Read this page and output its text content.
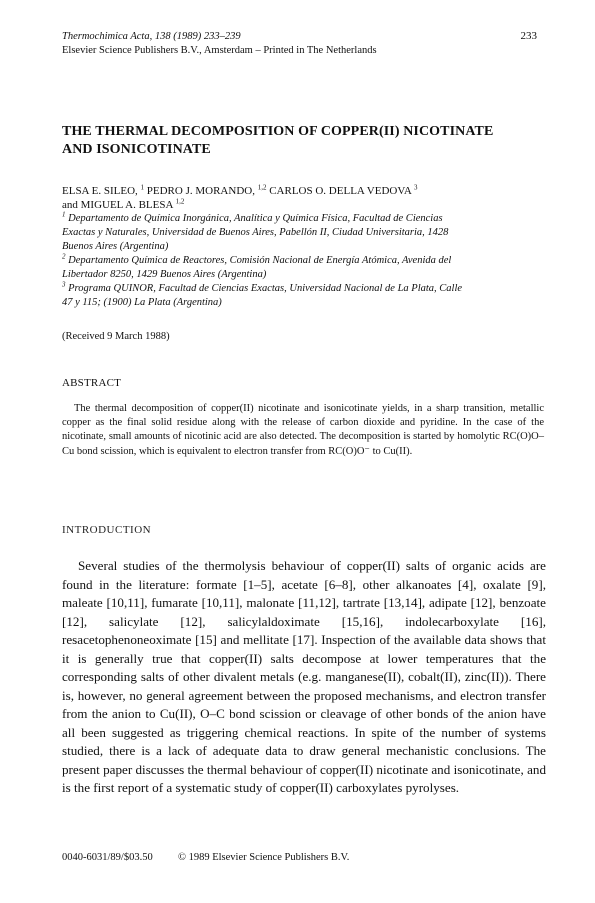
Thermochimica Acta, 138 (1989) 233–239
Elsevier Science Publishers B.V., Amsterdam – Printed in The Netherlands
233
THE THERMAL DECOMPOSITION OF COPPER(II) NICOTINATE
AND ISONICOTINATE
ELSA E. SILEO, $^1$ PEDRO J. MORANDO, $^{1,2}$ CARLOS O. DELLA VEDOVA $^3$
and MIGUEL A. BLESA $^{1,2}$
$^1$ Departamento de Química Inorgánica, Analítica y Química Física, Facultad de Ciencias
Exactas y Naturales, Universidad de Buenos Aires, Pabellón II, Ciudad Universitaria, 1428
Buenos Aires (Argentina)
$^2$ Departamento Química de Reactores, Comisión Nacional de Energía Atómica, Avenida del
Libertador 8250, 1429 Buenos Aires (Argentina)
$^3$ Programa QUINOR, Facultad de Ciencias Exactas, Universidad Nacional de La Plata, Calle
47 y 115; (1900) La Plata (Argentina)
(Received 9 March 1988)
ABSTRACT
The thermal decomposition of copper(II) nicotinate and isonicotinate yields, in a sharp transition, metallic copper as the final solid residue along with the release of carbon dioxide and pyridine. In the case of the nicotinate, small amounts of nicotinic acid are also detected. The decomposition is started by homolytic RC(O)O–Cu bond scission, which is equivalent to electron transfer from RC(O)O⁻ to Cu(II).
INTRODUCTION
Several studies of the thermolysis behaviour of copper(II) salts of organic acids are found in the literature: formate [1–5], acetate [6–8], other alkanoates [4], oxalate [9], maleate [10,11], fumarate [10,11], malonate [11,12], tartrate [13,14], adipate [12], benzoate [12], salicylate [12], salicylaldoximate [15,16], indolecarboxylate [16], resacetophenoneoximate [15] and mellitate [17]. Inspection of the available data shows that it is generally true that copper(II) salts decompose at lower temperatures that the corresponding salts of other divalent metals (e.g. manganese(II), cobalt(II), zinc(II)). There is, however, no general agreement between the proposed mechanisms, and electron transfer from the anion to Cu(II), O–C bond scission or cleavage of other bonds of the anion have all been suggested as triggering chemical reactions. In spite of the number of systems studied, there is a lack of adequate data to draw general mechanistic conclusions. The present paper discusses the thermal behaviour of copper(II) nicotinate and isonicotinate, and is the first report of a systematic study of copper(II) carboxylates pyrolyses.
0040-6031/89/$03.50 © 1989 Elsevier Science Publishers B.V.
